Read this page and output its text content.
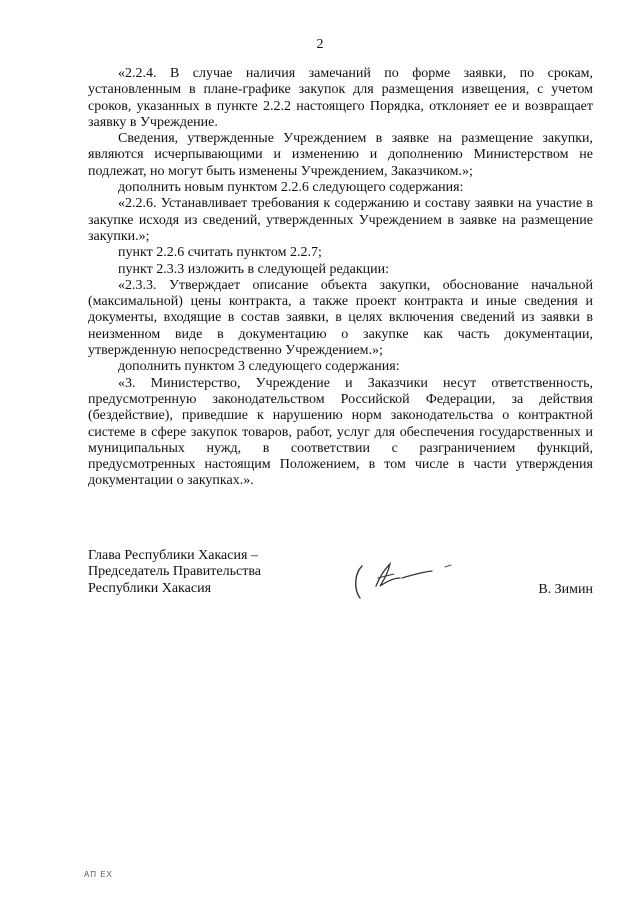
2

«2.2.4. В случае наличия замечаний по форме заявки, по срокам, установленным в плане-графике закупок для размещения извещения, с учетом сроков, указанных в пункте 2.2.2 настоящего Порядка, отклоняет ее и возвращает заявку в Учреждение.

Сведения, утвержденные Учреждением в заявке на размещение закупки, являются исчерпывающими и изменению и дополнению Министерством не подлежат, но могут быть изменены Учреждением, Заказчиком.»;

дополнить новым пунктом 2.2.6 следующего содержания:

«2.2.6. Устанавливает требования к содержанию и составу заявки на участие в закупке исходя из сведений, утвержденных Учреждением в заявке на размещение закупки.»;

пункт 2.2.6 считать пунктом 2.2.7;

пункт 2.3.3 изложить в следующей редакции:

«2.3.3. Утверждает описание объекта закупки, обоснование начальной (максимальной) цены контракта, а также проект контракта и иные сведения и документы, входящие в состав заявки, в целях включения сведений из заявки в неизменном виде в документацию о закупке как часть документации, утвержденную непосредственно Учреждением.»;

дополнить пунктом 3 следующего содержания:

«3. Министерство, Учреждение и Заказчики несут ответственность, предусмотренную законодательством Российской Федерации, за действия (бездействие), приведшие к нарушению норм законодательства о контрактной системе в сфере закупок товаров, работ, услуг для обеспечения государственных и муниципальных нужд, в соответствии с разграничением функций, предусмотренных настоящим Положением, в том числе в части утверждения документации о закупках.».

Глава Республики Хакасия –
Председатель Правительства
Республики Хакасия	В. Зимин
АП ЕХ
